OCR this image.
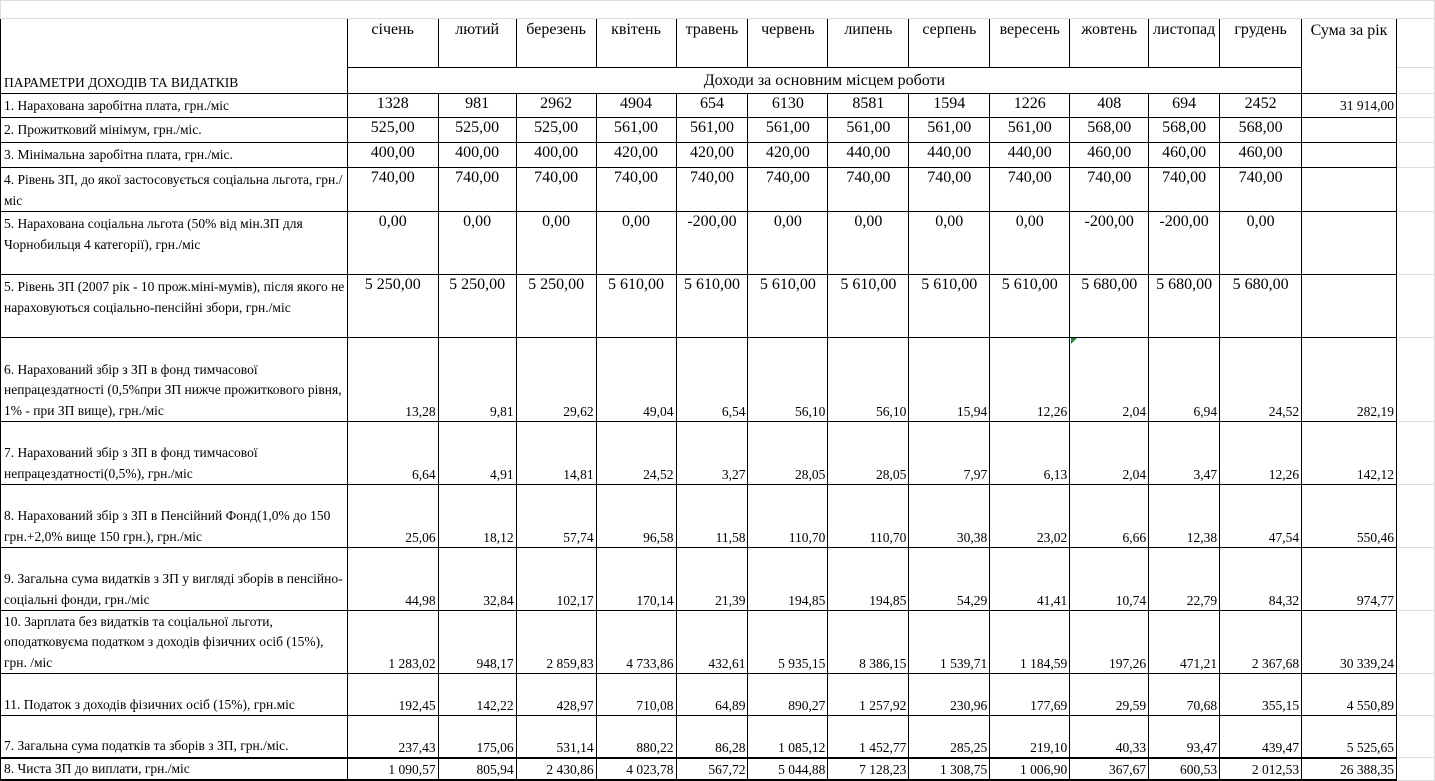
ПАРАМЕТРИ ДОХОДІВ ТА ВИДАТКІВ	січень	лютий	березень	квітень	травень	червень	липень	серпень	вересень	жовтень	листопад	грудень	Сума за рік	
	Доходи за основним місцем роботи													
1. Нарахована заробітна плата, грн./міс	1328	981	2962	4904	654	6130	8581	1594	1226	408	694	2452	31 914,00	
2. Прожитковий мінімум, грн./міс.	525,00	525,00	525,00	561,00	561,00	561,00	561,00	561,00	561,00	568,00	568,00	568,00		
3. Мінімальна заробітна плата, грн./міс.	400,00	400,00	400,00	420,00	420,00	420,00	440,00	440,00	440,00	460,00	460,00	460,00		
4. Рівень ЗП, до якої застосовується соціальна льгота, грн./міс	740,00	740,00	740,00	740,00	740,00	740,00	740,00	740,00	740,00	740,00	740,00	740,00		
5. Нарахована соціальна льгота (50% від мін.ЗП для Чорнобильця 4 категорії), грн./міс	0,00	0,00	0,00	0,00	-200,00	0,00	0,00	0,00	0,00	-200,00	-200,00	0,00		
5. Рівень ЗП (2007 рік - 10 прож.міні-мумів), після якого не нараховуються соціально-пенсійні збори, грн./міс	5 250,00	5 250,00	5 250,00	5 610,00	5 610,00	5 610,00	5 610,00	5 610,00	5 610,00	5 680,00	5 680,00	5 680,00		
6. Нарахований збір з ЗП в фонд тимчасової непрацездатності (0,5%при ЗП нижче прожиткового рівня, 1% - при ЗП вище), грн./міс	13,28	9,81	29,62	49,04	6,54	56,10	56,10	15,94	12,26	2,04	6,94	24,52	282,19	
7. Нарахований збір з ЗП в фонд тимчасової непрацездатності(0,5%), грн./міс	6,64	4,91	14,81	24,52	3,27	28,05	28,05	7,97	6,13	2,04	3,47	12,26	142,12	
8. Нарахований збір з ЗП в Пенсійний Фонд(1,0% до 150 грн.+2,0% вище 150 грн.), грн./міс	25,06	18,12	57,74	96,58	11,58	110,70	110,70	30,38	23,02	6,66	12,38	47,54	550,46	
9. Загальна сума видатків з ЗП у вигляді зборів в пенсійно-соціальні фонди, грн./міс	44,98	32,84	102,17	170,14	21,39	194,85	194,85	54,29	41,41	10,74	22,79	84,32	974,77	
10. Зарплата без видатків та соціальної льготи, оподатковуєма податком з доходів фізичних осіб (15%), грн. /міс	1 283,02	948,17	2 859,83	4 733,86	432,61	5 935,15	8 386,15	1 539,71	1 184,59	197,26	471,21	2 367,68	30 339,24	
11. Податок з доходів фізичних осіб (15%), грн.міс	192,45	142,22	428,97	710,08	64,89	890,27	1 257,92	230,96	177,69	29,59	70,68	355,15	4 550,89	
7. Загальна сума податків та зборів з ЗП, грн./міс.	237,43	175,06	531,14	880,22	86,28	1 085,12	1 452,77	285,25	219,10	40,33	93,47	439,47	5 525,65	
8. Чиста ЗП до виплати, грн./міс	1 090,57	805,94	2 430,86	4 023,78	567,72	5 044,88	7 128,23	1 308,75	1 006,90	367,67	600,53	2 012,53	26 388,35	
